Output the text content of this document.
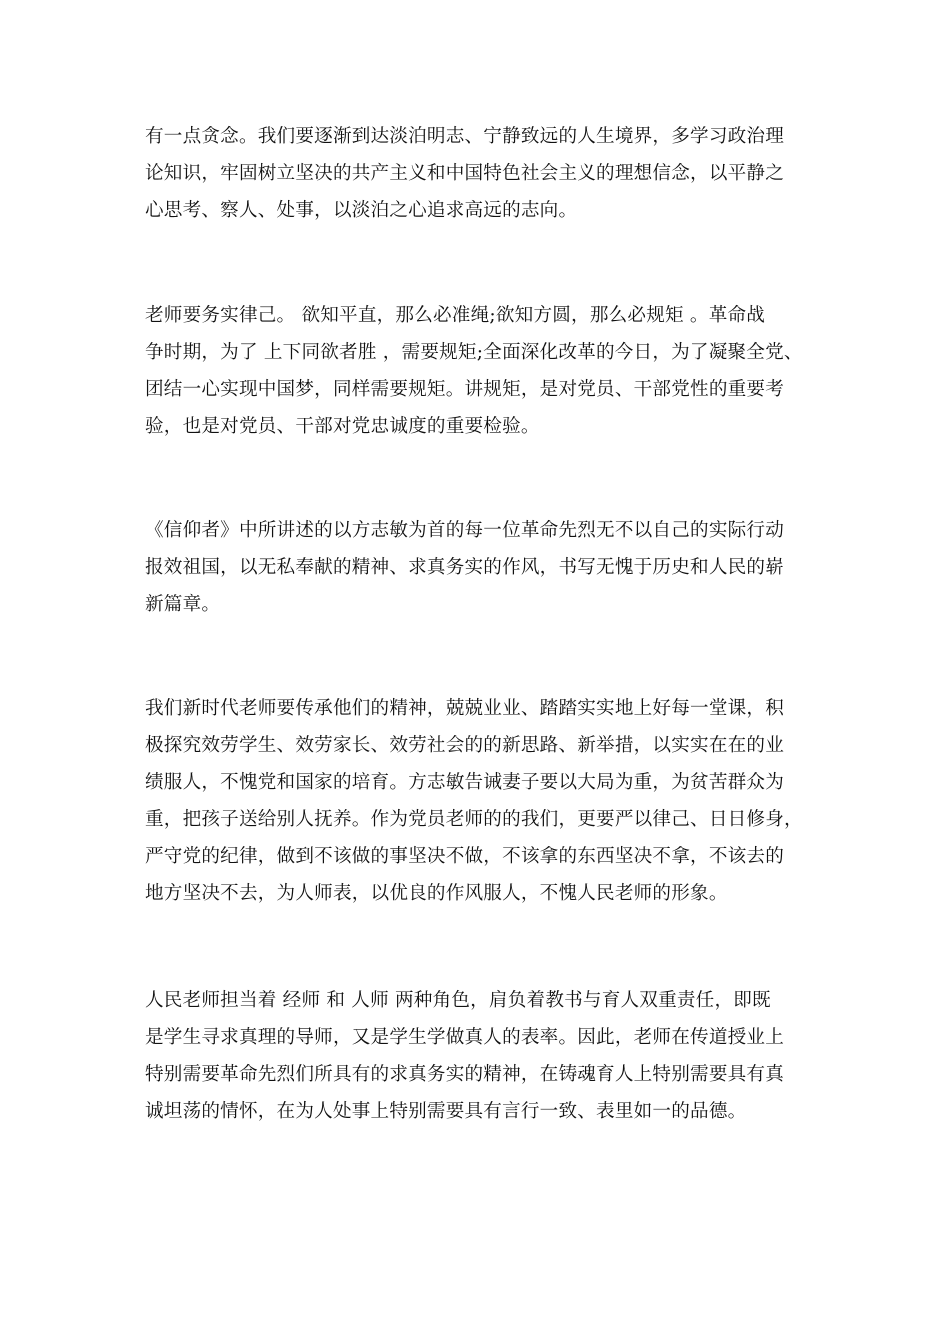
有一点贪念。我们要逐渐到达淡泊明志、宁静致远的人生境界，多学习政治理
论知识，牢固树立坚决的共产主义和中国特色社会主义的理想信念，以平静之
心思考、察人、处事，以淡泊之心追求高远的志向。
老师要务实律己。 欲知平直，那么必准绳;欲知方圆，那么必规矩 。革命战
争时期，为了 上下同欲者胜 ，需要规矩;全面深化改革的今日，为了凝聚全党、
团结一心实现中国梦，同样需要规矩。讲规矩，是对党员、干部党性的重要考
验，也是对党员、干部对党忠诚度的重要检验。
《信仰者》中所讲述的以方志敏为首的每一位革命先烈无不以自己的实际行动
报效祖国，以无私奉献的精神、求真务实的作风，书写无愧于历史和人民的崭
新篇章。
我们新时代老师要传承他们的精神，兢兢业业、踏踏实实地上好每一堂课，积
极探究效劳学生、效劳家长、效劳社会的的新思路、新举措，以实实在在的业
绩服人，不愧党和国家的培育。方志敏告诫妻子要以大局为重，为贫苦群众为
重，把孩子送给别人抚养。作为党员老师的的我们，更要严以律己、日日修身，
严守党的纪律，做到不该做的事坚决不做，不该拿的东西坚决不拿，不该去的
地方坚决不去，为人师表，以优良的作风服人，不愧人民老师的形象。
人民老师担当着 经师 和 人师 两种角色，肩负着教书与育人双重责任，即既
是学生寻求真理的导师，又是学生学做真人的表率。因此，老师在传道授业上
特别需要革命先烈们所具有的求真务实的精神，在铸魂育人上特别需要具有真
诚坦荡的情怀，在为人处事上特别需要具有言行一致、表里如一的品德。
